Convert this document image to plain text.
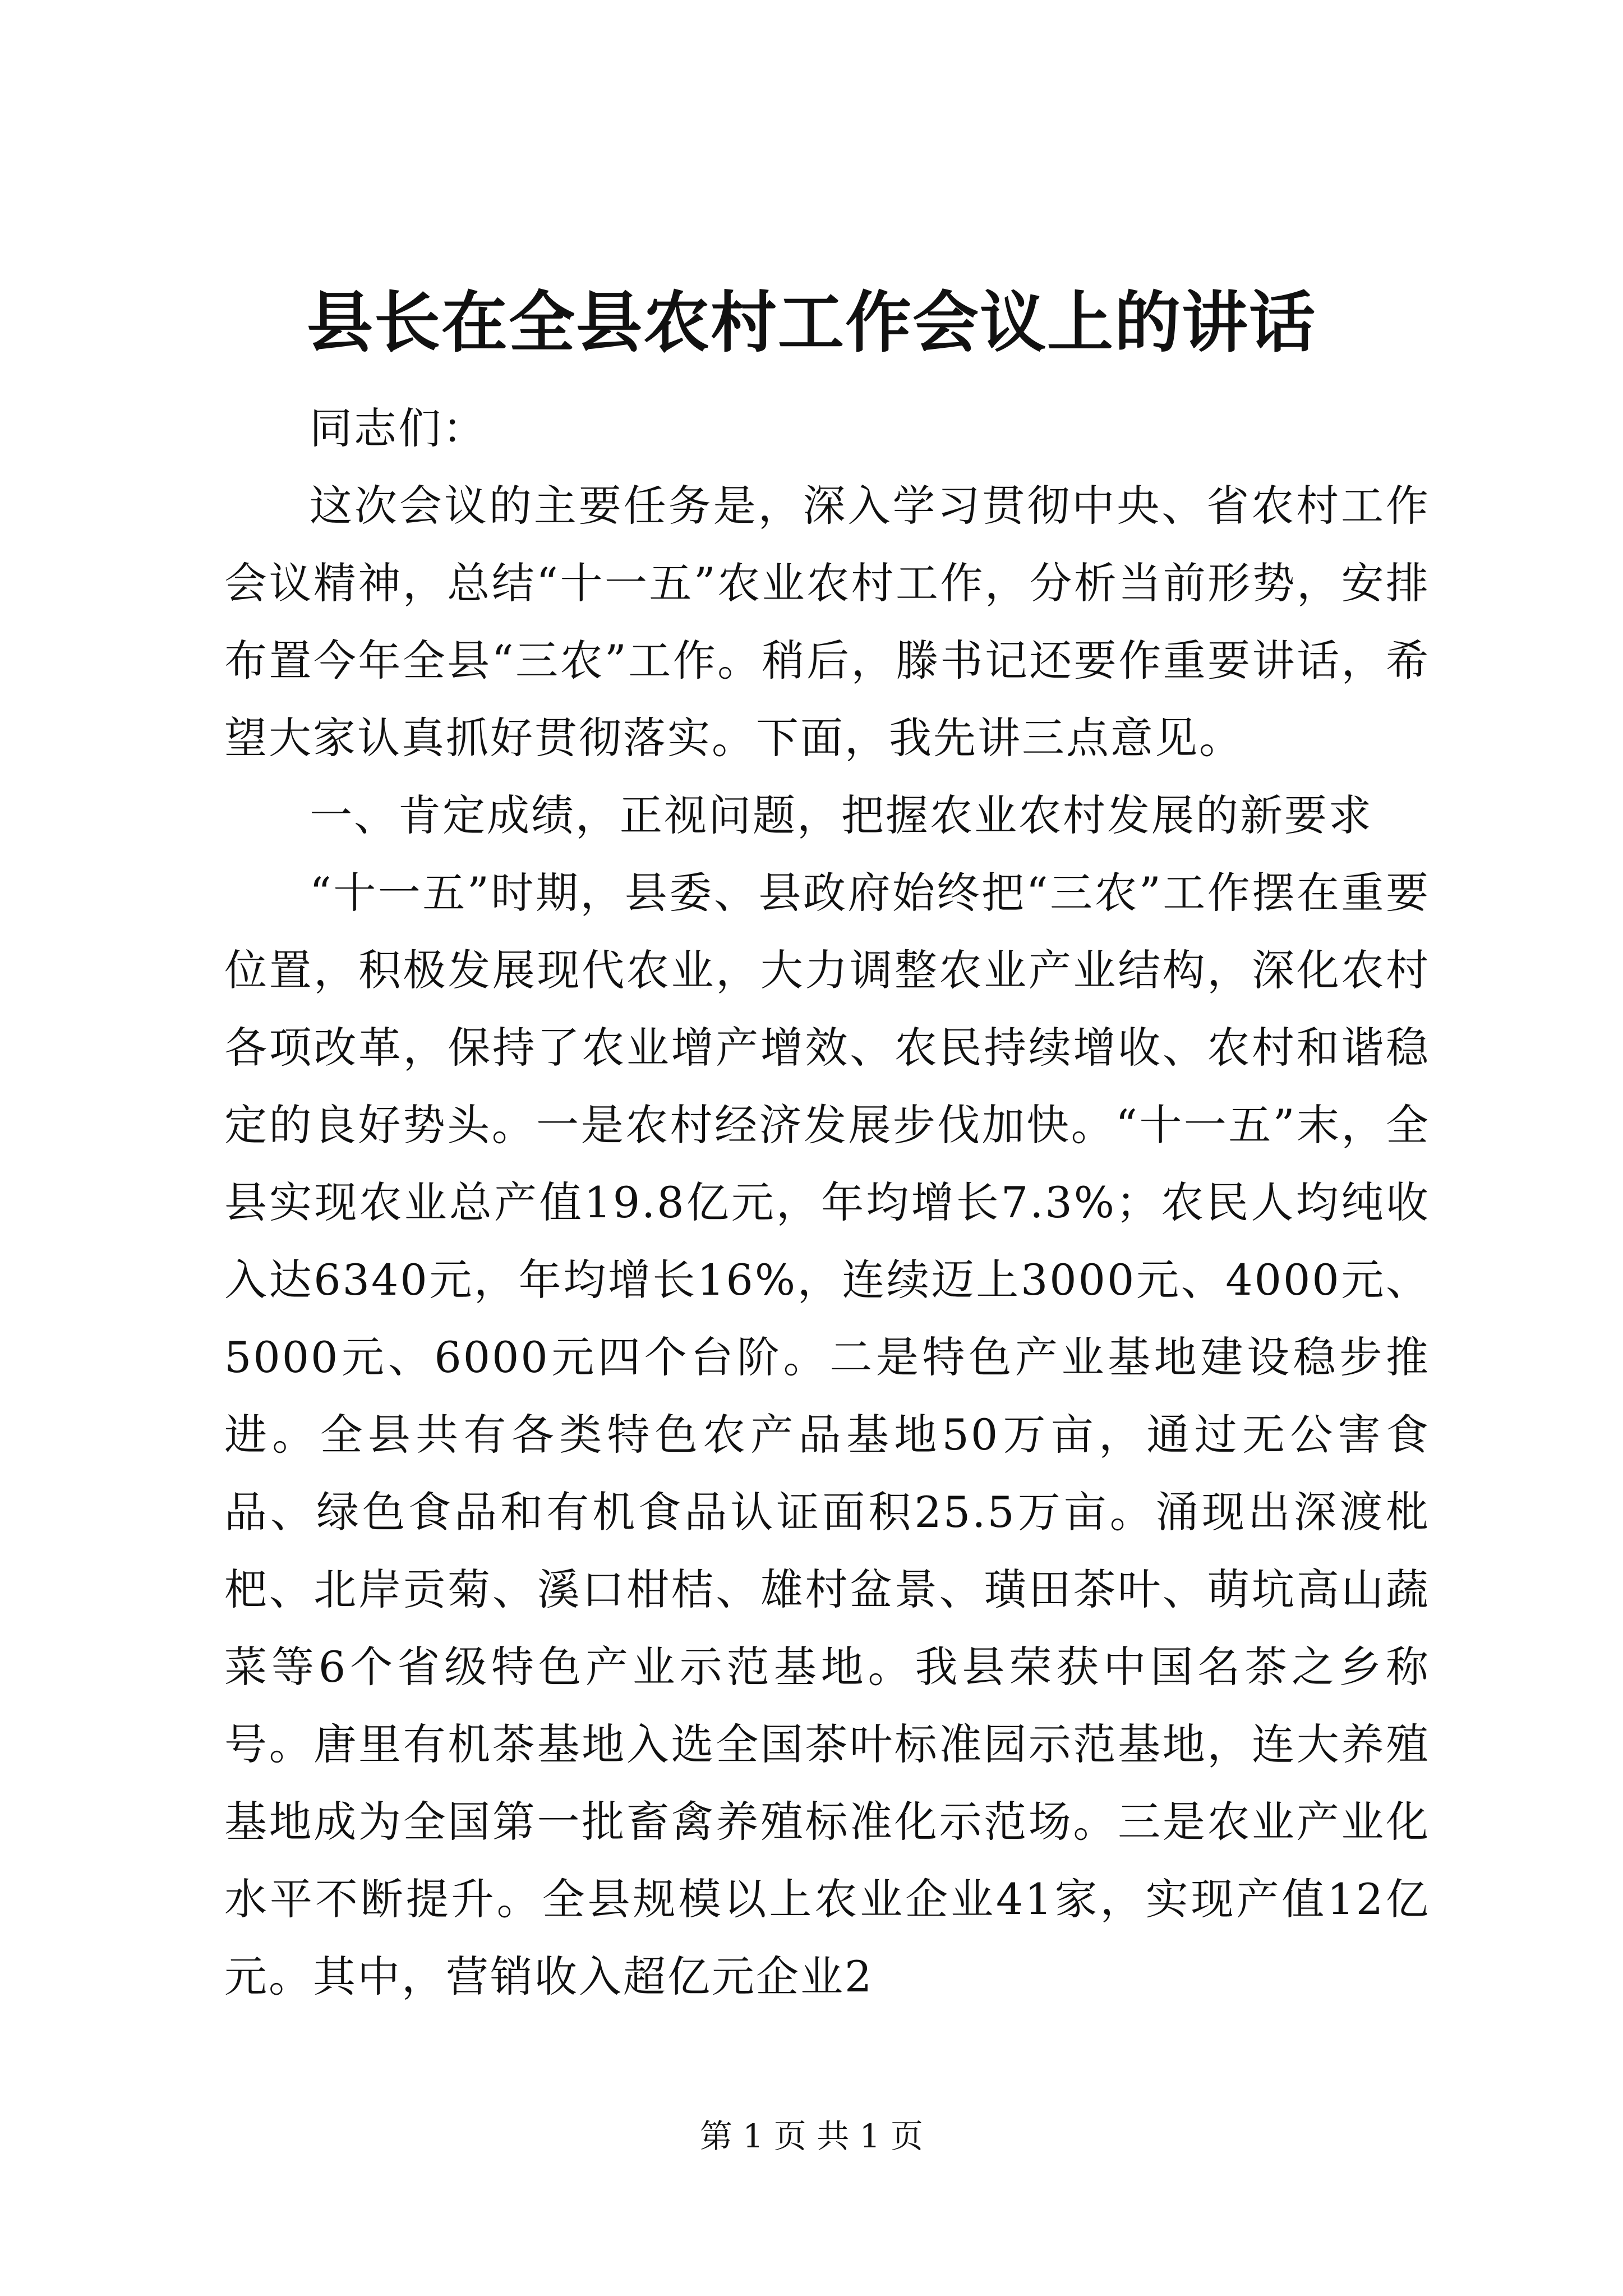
县长在全县农村工作会议上的讲话

同志们：

这次会议的主要任务是，深入学习贯彻中央、省农村工作会议精神，总结“十一五”农业农村工作，分析当前形势，安排布置今年全县“三农”工作。稍后，滕书记还要作重要讲话，希望大家认真抓好贯彻落实。下面，我先讲三点意见。

一、肯定成绩，正视问题，把握农业农村发展的新要求

“十一五”时期，县委、县政府始终把“三农”工作摆在重要位置，积极发展现代农业，大力调整农业产业结构，深化农村各项改革，保持了农业增产增效、农民持续增收、农村和谐稳定的良好势头。一是农村经济发展步伐加快。“十一五”末，全县实现农业总产值19.8亿元，年均增长7.3%；农民人均纯收入达6340元，年均增长16%，连续迈上3000元、4000元、5000元、6000元四个台阶。二是特色产业基地建设稳步推进。全县共有各类特色农产品基地50万亩，通过无公害食品、绿色食品和有机食品认证面积25.5万亩。涌现出深渡枇杷、北岸贡菊、溪口柑桔、雄村盆景、璜田茶叶、萌坑高山蔬菜等6个省级特色产业示范基地。我县荣获中国名茶之乡称号。唐里有机茶基地入选全国茶叶标准园示范基地，连大养殖基地成为全国第一批畜禽养殖标准化示范场。三是农业产业化水平不断提升。全县规模以上农业企业41家，实现产值12亿元。其中，营销收入超亿元企业2

第 1 页 共 1 页
